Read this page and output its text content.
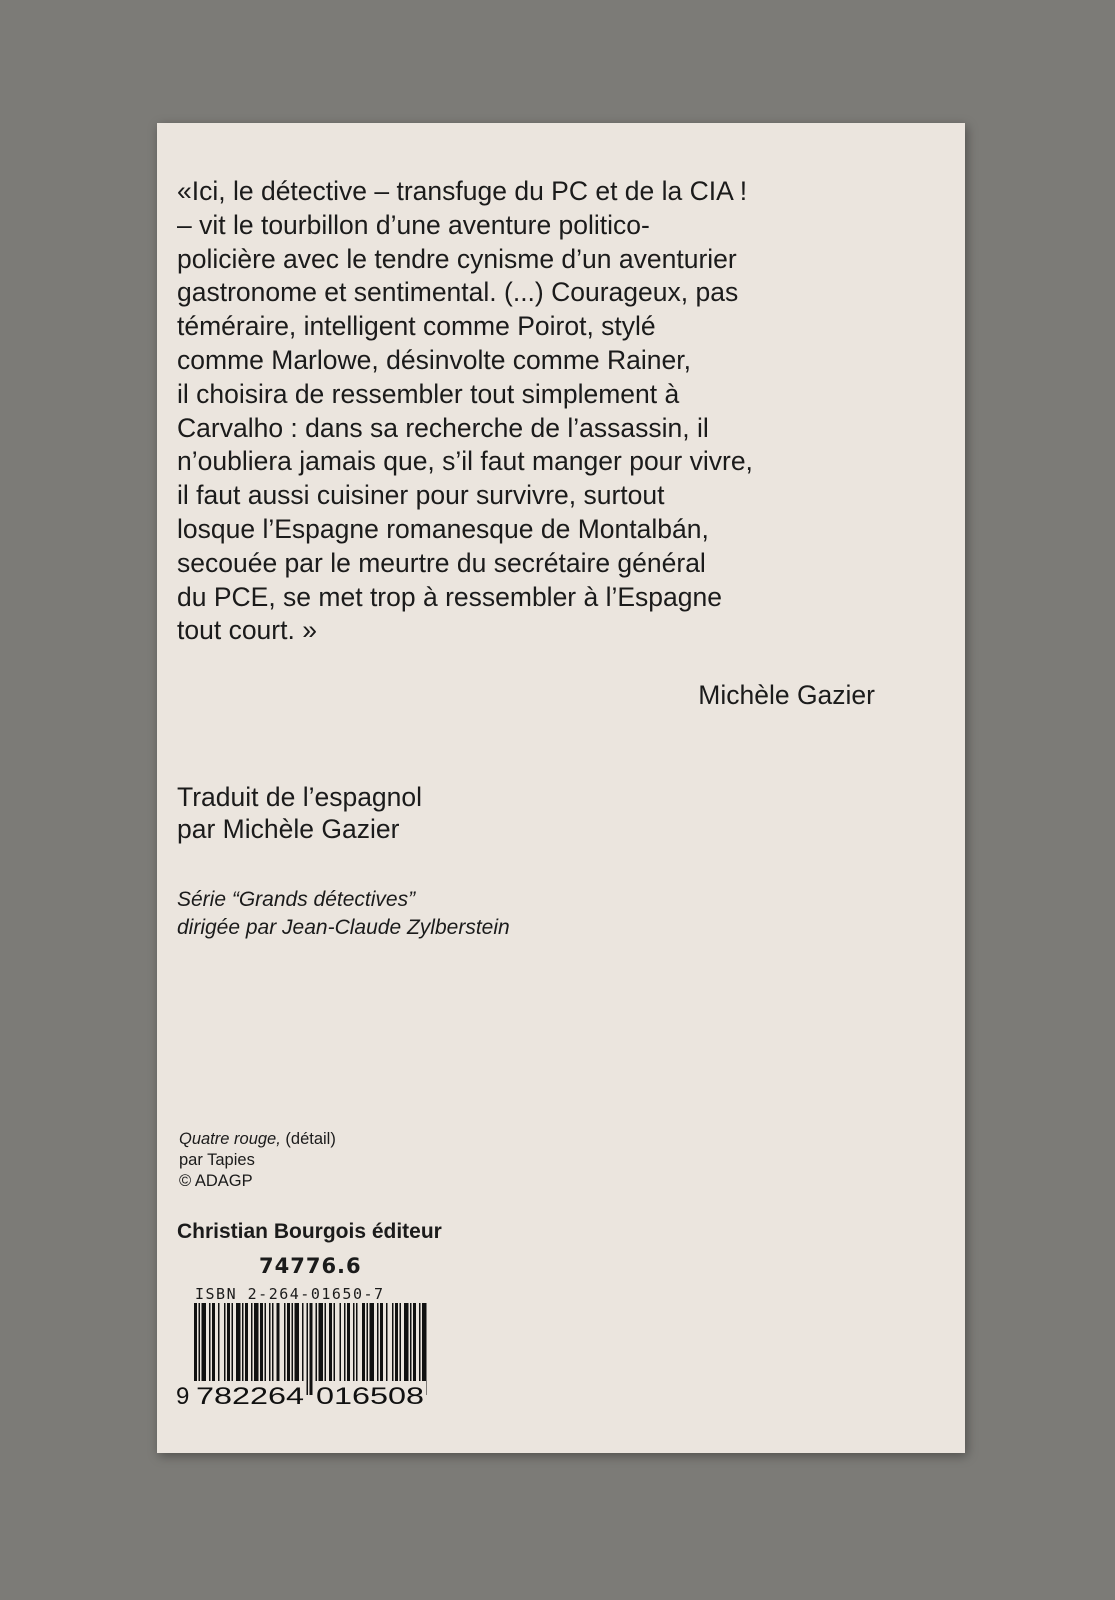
«Ici, le détective – transfuge du PC et de la CIA !
– vit le tourbillon d’une aventure politico-
policière avec le tendre cynisme d’un aventurier
gastronome et sentimental. (...) Courageux, pas
téméraire, intelligent comme Poirot, stylé
comme Marlowe, désinvolte comme Rainer,
il choisira de ressembler tout simplement à
Carvalho : dans sa recherche de l’assassin, il
n’oubliera jamais que, s’il faut manger pour vivre,
il faut aussi cuisiner pour survivre, surtout
losque l’Espagne romanesque de Montalbán,
secouée par le meurtre du secrétaire général
du PCE, se met trop à ressembler à l’Espagne
tout court. »

Michèle Gazier

Traduit de l’espagnol
par Michèle Gazier

Série “Grands détectives”
dirigée par Jean-Claude Zylberstein

Quatre rouge, (détail)
par Tapies
© ADAGP

Christian Bourgois éditeur

74776.6

ISBN 2-264-01650-7

9 782264 016508
